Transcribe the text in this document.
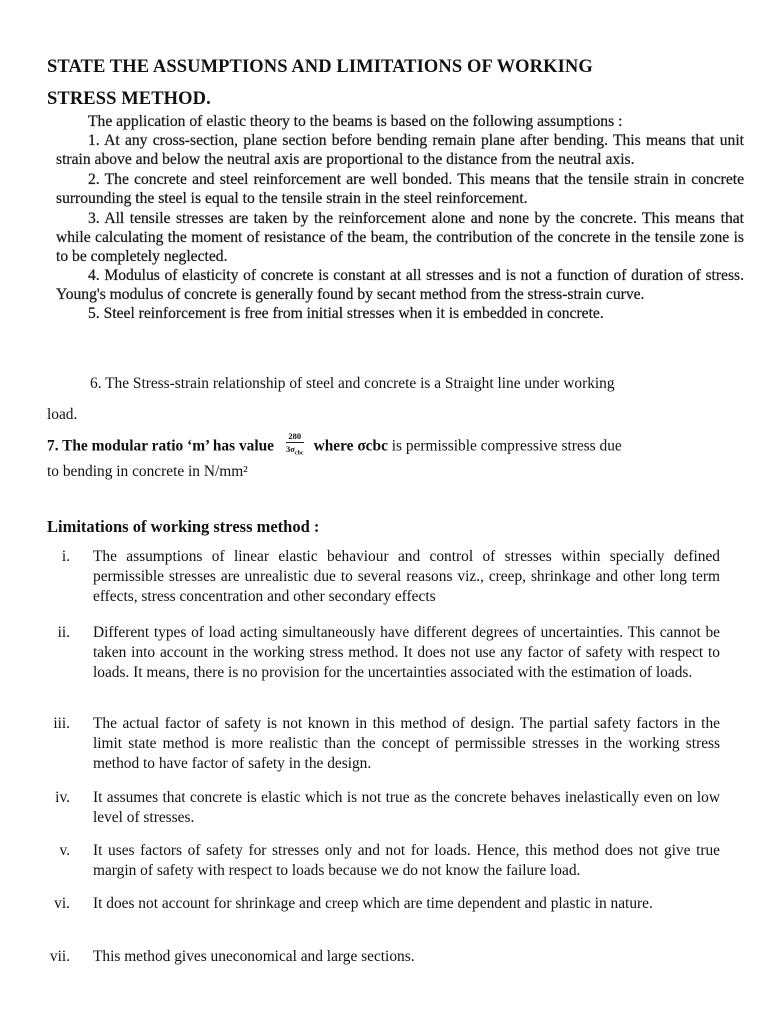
STATE THE ASSUMPTIONS AND LIMITATIONS OF WORKING
STRESS METHOD.

The application of elastic theory to the beams is based on the following assumptions :

1. At any cross-section, plane section before bending remain plane after bending. This means that unit strain above and below the neutral axis are proportional to the distance from the neutral axis.

2. The concrete and steel reinforcement are well bonded. This means that the tensile strain in concrete surrounding the steel is equal to the tensile strain in the steel reinforcement.

3. All tensile stresses are taken by the reinforcement alone and none by the concrete. This means that while calculating the moment of resistance of the beam, the contribution of the concrete in the tensile zone is to be completely neglected.

4. Modulus of elasticity of concrete is constant at all stresses and is not a function of duration of stress. Young's modulus of concrete is generally found by secant method from the stress-strain curve.

5. Steel reinforcement is free from initial stresses when it is embedded in concrete.

6. The Stress-strain relationship of steel and concrete is a Straight line under working
load.
7. The modular ratio ‘m’ has value $\frac{280}{3\sigma_{cbc}}$ where σcbc is permissible compressive stress due
to bending in concrete in N/mm²
Limitations of working stress method :
i. The assumptions of linear elastic behaviour and control of stresses within specially defined permissible stresses are unrealistic due to several reasons viz., creep, shrinkage and other long term effects, stress concentration and other secondary effects
ii. Different types of load acting simultaneously have different degrees of uncertainties. This cannot be taken into account in the working stress method. It does not use any factor of safety with respect to loads. It means, there is no provision for the uncertainties associated with the estimation of loads.
iii. The actual factor of safety is not known in this method of design. The partial safety factors in the limit state method is more realistic than the concept of permissible stresses in the working stress method to have factor of safety in the design.
iv. It assumes that concrete is elastic which is not true as the concrete behaves inelastically even on low level of stresses.
v. It uses factors of safety for stresses only and not for loads. Hence, this method does not give true margin of safety with respect to loads because we do not know the failure load.
vi. It does not account for shrinkage and creep which are time dependent and plastic in nature.
vii. This method gives uneconomical and large sections.
